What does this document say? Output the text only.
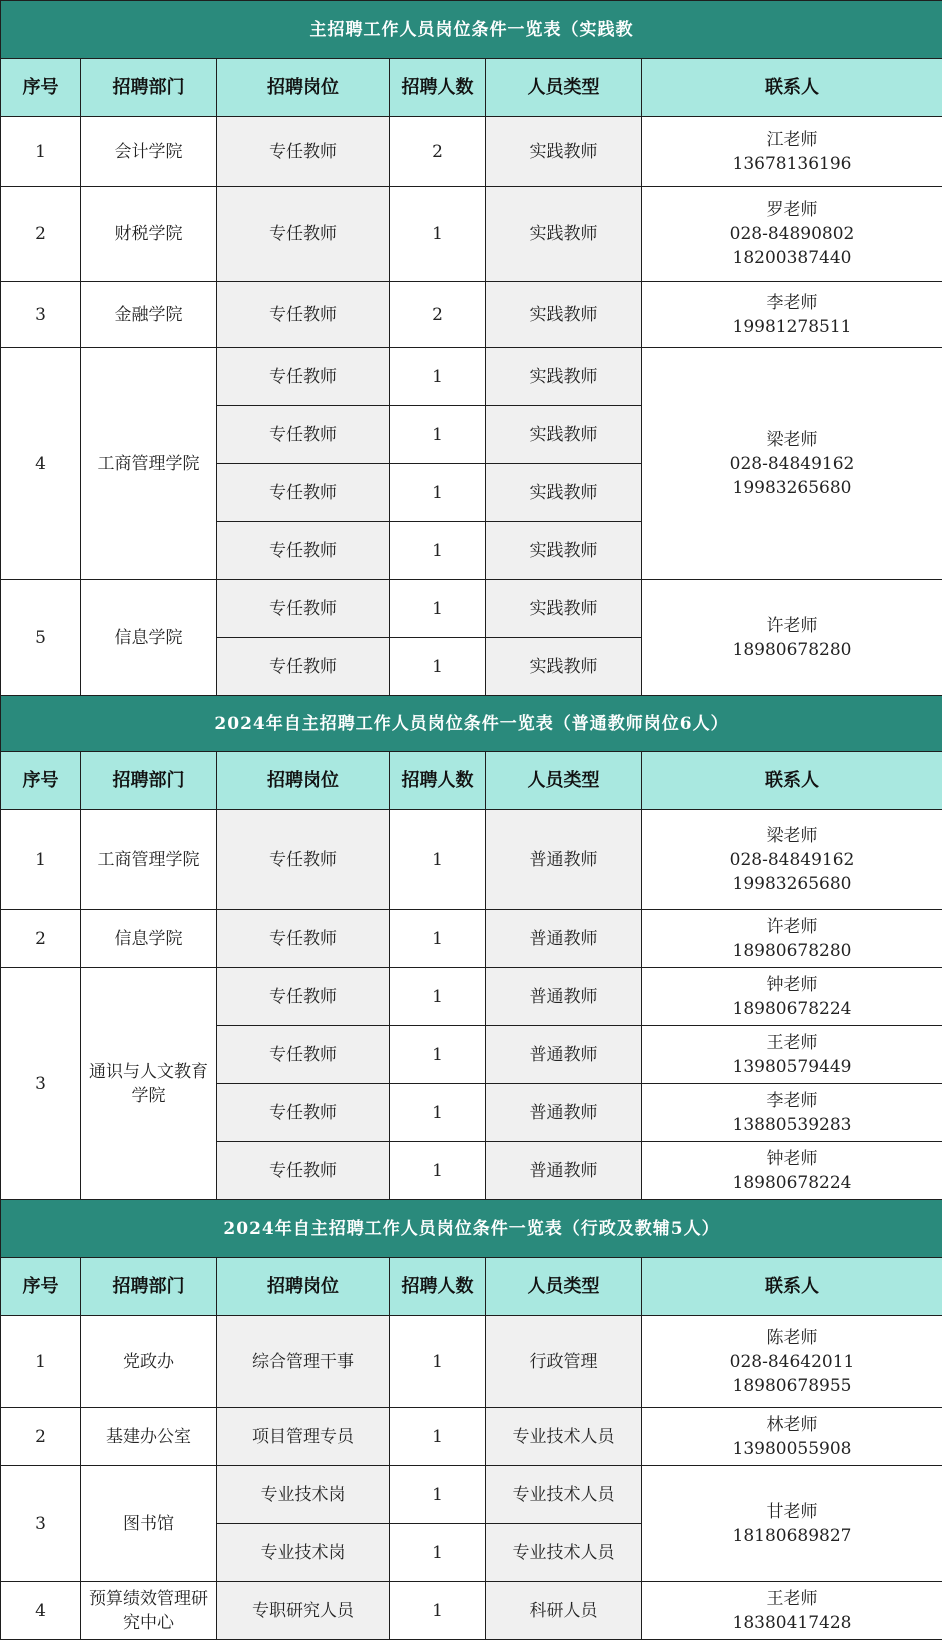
主招聘工作人员岗位条件一览表（实践教					
序号	招聘部门	招聘岗位	招聘人数	人员类型	联系人
1	会计学院	专任教师	2	实践教师	江老师
13678136196

2	财税学院	专任教师	1	实践教师	罗老师
028-84890802
18200387440

3	金融学院	专任教师	2	实践教师	李老师
19981278511

4	工商管理学院	专任教师	1	实践教师	梁老师
028-84849162
19983265680

		专任教师	1	实践教师	
		专任教师	1	实践教师	
		专任教师	1	实践教师	
5	信息学院	专任教师	1	实践教师	许老师
18980678280

		专任教师	1	实践教师	
2024年自主招聘工作人员岗位条件一览表（普通教师岗位6人）					
序号	招聘部门	招聘岗位	招聘人数	人员类型	联系人
1	工商管理学院	专任教师	1	普通教师	梁老师
028-84849162
19983265680

2	信息学院	专任教师	1	普通教师	许老师
18980678280

3	通识与人文教育学院	专任教师	1	普通教师	钟老师
18980678224

		专任教师	1	普通教师	王老师
13980579449

		专任教师	1	普通教师	李老师
13880539283

		专任教师	1	普通教师	钟老师
18980678224

2024年自主招聘工作人员岗位条件一览表（行政及教辅5人）					
序号	招聘部门	招聘岗位	招聘人数	人员类型	联系人
1	党政办	综合管理干事	1	行政管理	陈老师
028-84642011
18980678955

2	基建办公室	项目管理专员	1	专业技术人员	林老师
13980055908

3	图书馆	专业技术岗	1	专业技术人员	甘老师
18180689827

		专业技术岗	1	专业技术人员	
4	预算绩效管理研究中心	专职研究人员	1	科研人员	王老师
18380417428
